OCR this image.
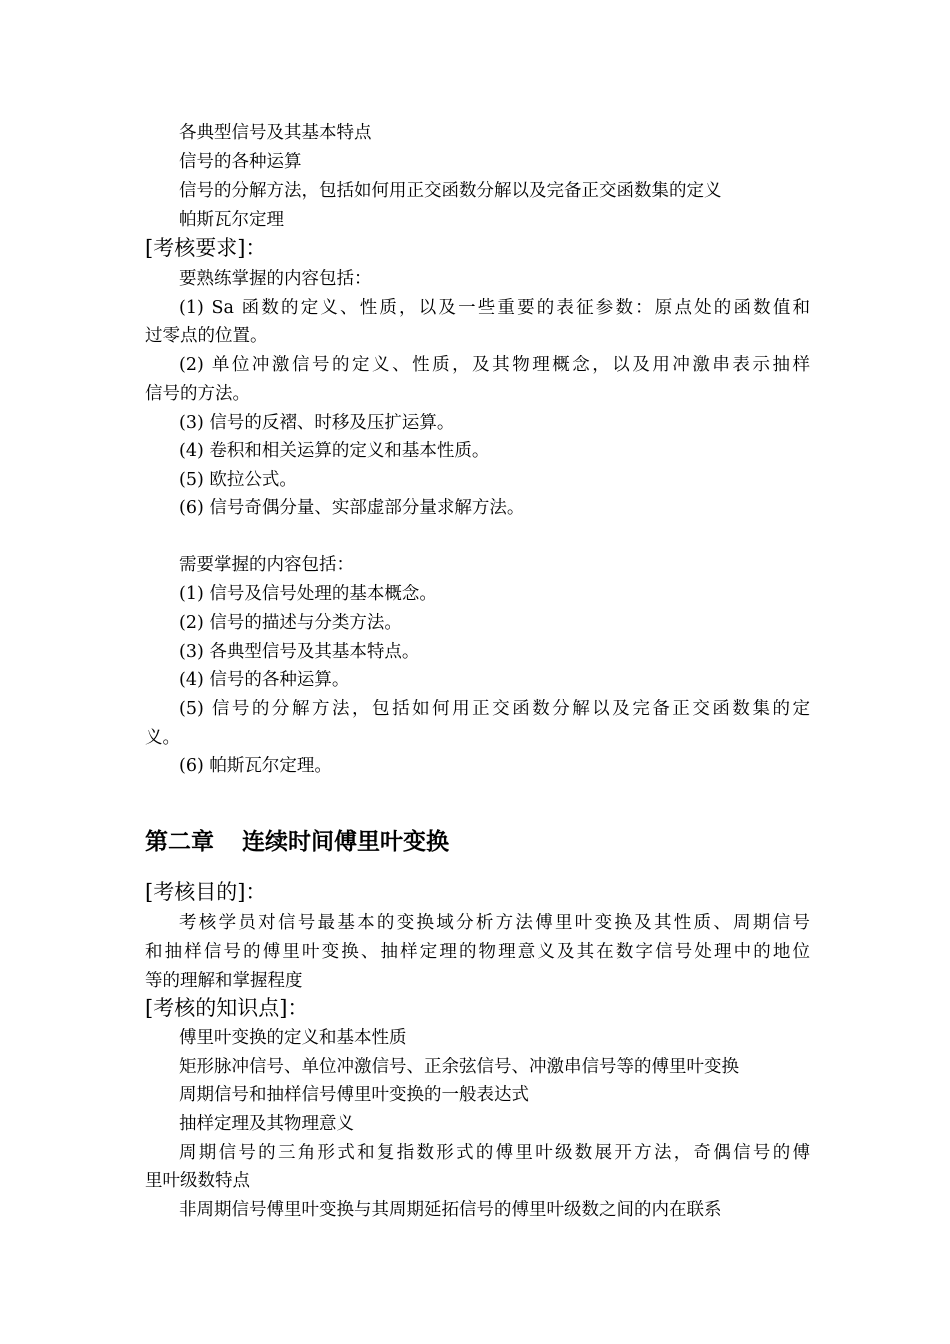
各典型信号及其基本特点
信号的各种运算
信号的分解方法，包括如何用正交函数分解以及完备正交函数集的定义
帕斯瓦尔定理
[考核要求]：
要熟练掌握的内容包括：
(1) Sa 函数的定义、性质，以及一些重要的表征参数：原点处的函数值和
过零点的位置。
(2) 单位冲激信号的定义、性质，及其物理概念，以及用冲激串表示抽样
信号的方法。
(3) 信号的反褶、时移及压扩运算。
(4) 卷积和相关运算的定义和基本性质。
(5) 欧拉公式。
(6) 信号奇偶分量、实部虚部分量求解方法。
需要掌握的内容包括：
(1) 信号及信号处理的基本概念。
(2) 信号的描述与分类方法。
(3) 各典型信号及其基本特点。
(4) 信号的各种运算。
(5) 信号的分解方法，包括如何用正交函数分解以及完备正交函数集的定
义。
(6) 帕斯瓦尔定理。
第二章 连续时间傅里叶变换
[考核目的]：
考核学员对信号最基本的变换域分析方法傅里叶变换及其性质、周期信号
和抽样信号的傅里叶变换、抽样定理的物理意义及其在数字信号处理中的地位
等的理解和掌握程度
[考核的知识点]：
傅里叶变换的定义和基本性质
矩形脉冲信号、单位冲激信号、正余弦信号、冲激串信号等的傅里叶变换
周期信号和抽样信号傅里叶变换的一般表达式
抽样定理及其物理意义
周期信号的三角形式和复指数形式的傅里叶级数展开方法，奇偶信号的傅
里叶级数特点
非周期信号傅里叶变换与其周期延拓信号的傅里叶级数之间的内在联系
